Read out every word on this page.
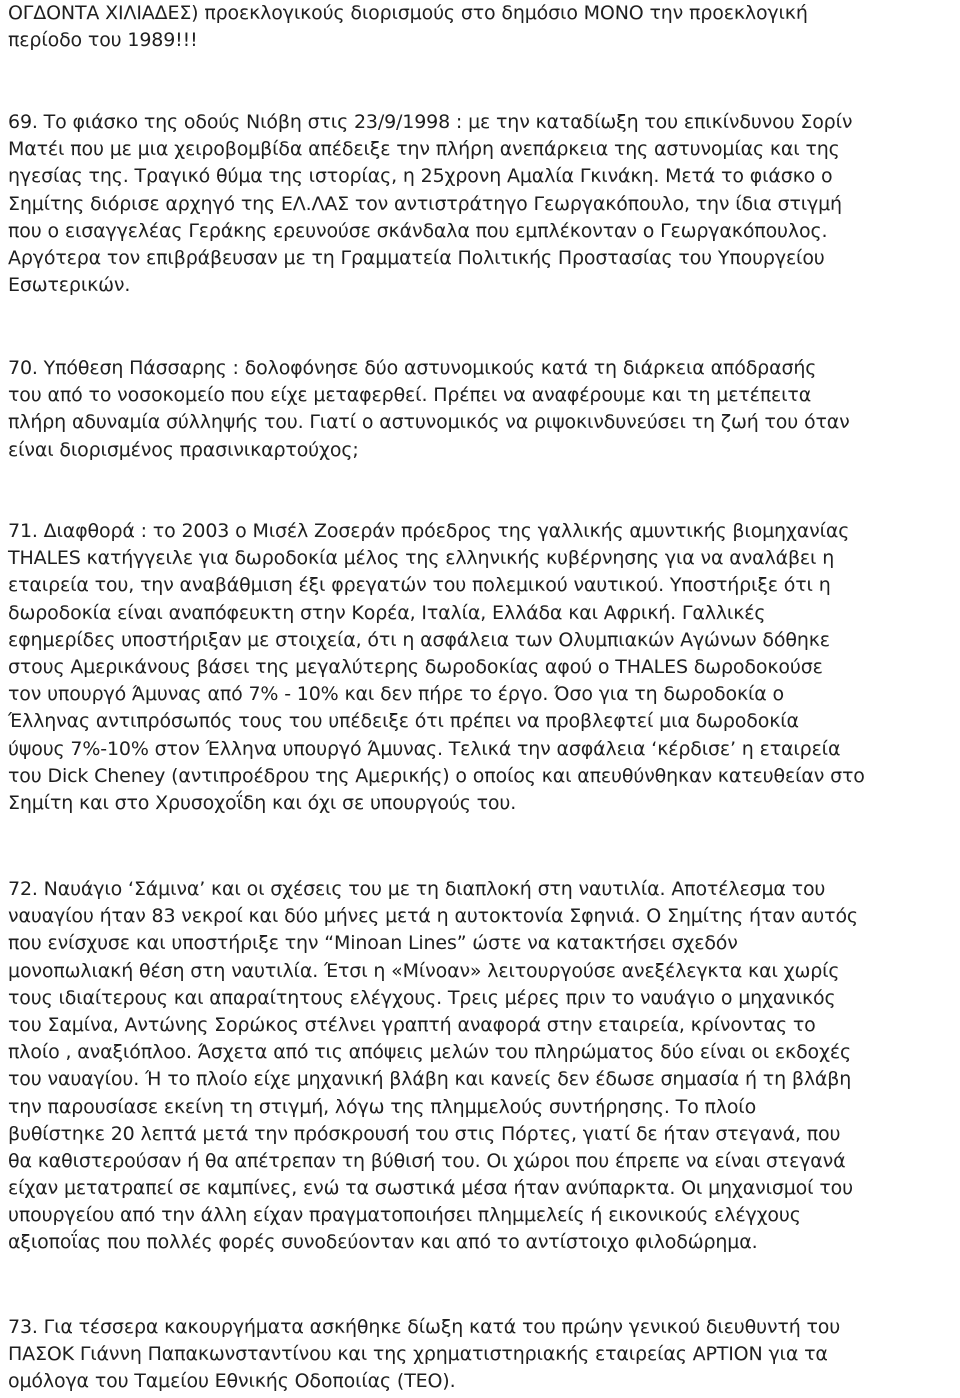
ΟΓΔΟΝΤΑ ΧΙΛΙΑΔΕΣ) προεκλογικούς διορισμούς στο δημόσιο ΜΟΝΟ την προεκλογική
περίοδο του 1989!!!
69. Το φιάσκο της οδούς Νιόβη στις 23/9/1998 : με την καταδίωξη του επικίνδυνου Σορίν
Ματέι που με μια χειροβομβίδα απέδειξε την πλήρη ανεπάρκεια της αστυνομίας και της
ηγεσίας της. Τραγικό θύμα της ιστορίας, η 25χρονη Αμαλία Γκινάκη. Μετά το φιάσκο ο
Σημίτης διόρισε αρχηγό της ΕΛ.ΛΑΣ τον αντιστράτηγο Γεωργακόπουλο, την ίδια στιγμή
που ο εισαγγελέας Γεράκης ερευνούσε σκάνδαλα που εμπλέκονταν ο Γεωργακόπουλος.
Αργότερα τον επιβράβευσαν με τη Γραμματεία Πολιτικής Προστασίας του Υπουργείου
Εσωτερικών.
70. Υπόθεση Πάσσαρης : δολοφόνησε δύο αστυνομικούς κατά τη διάρκεια απόδρασής
του από το νοσοκομείο που είχε μεταφερθεί. Πρέπει να αναφέρουμε και τη μετέπειτα
πλήρη αδυναμία σύλληψής του. Γιατί ο αστυνομικός να ριψοκινδυνεύσει τη ζωή του όταν
είναι διορισμένος πρασινικαρτούχος;
71. Διαφθορά : το 2003 ο Μισέλ Ζοσεράν πρόεδρος της γαλλικής αμυντικής βιομηχανίας
THALES κατήγγειλε για δωροδοκία μέλος της ελληνικής κυβέρνησης για να αναλάβει η
εταιρεία του, την αναβάθμιση έξι φρεγατών του πολεμικού ναυτικού. Υποστήριξε ότι η
δωροδοκία είναι αναπόφευκτη στην Κορέα, Ιταλία, Ελλάδα και Αφρική. Γαλλικές
εφημερίδες υποστήριξαν με στοιχεία, ότι η ασφάλεια των Ολυμπιακών Αγώνων δόθηκε
στους Αμερικάνους βάσει της μεγαλύτερης δωροδοκίας αφού ο THALES δωροδοκούσε
τον υπουργό Άμυνας από 7% - 10% και δεν πήρε το έργο. Όσο για τη δωροδοκία ο
Έλληνας αντιπρόσωπός τους του υπέδειξε ότι πρέπει να προβλεφτεί μια δωροδοκία
ύψους 7%-10% στον Έλληνα υπουργό Άμυνας. Τελικά την ασφάλεια ‘κέρδισε’ η εταιρεία
του Dick Cheney (αντιπροέδρου της Αμερικής) ο οποίος και απευθύνθηκαν κατευθείαν στο
Σημίτη και στο Χρυσοχοΐδη και όχι σε υπουργούς του.
72. Ναυάγιο ‘Σάμινα’ και οι σχέσεις του με τη διαπλοκή στη ναυτιλία. Αποτέλεσμα του
ναυαγίου ήταν 83 νεκροί και δύο μήνες μετά η αυτοκτονία Σφηνιά. Ο Σημίτης ήταν αυτός
που ενίσχυσε και υποστήριξε την “Minoan Lines” ώστε να κατακτήσει σχεδόν
μονοπωλιακή θέση στη ναυτιλία. Έτσι η «Μίνοαν» λειτουργούσε ανεξέλεγκτα και χωρίς
τους ιδιαίτερους και απαραίτητους ελέγχους. Τρεις μέρες πριν το ναυάγιο ο μηχανικός
του Σαμίνα, Αντώνης Σορώκος στέλνει γραπτή αναφορά στην εταιρεία, κρίνοντας το
πλοίο , αναξιόπλοο. Άσχετα από τις απόψεις μελών του πληρώματος δύο είναι οι εκδοχές
του ναυαγίου. Ή το πλοίο είχε μηχανική βλάβη και κανείς δεν έδωσε σημασία ή τη βλάβη
την παρουσίασε εκείνη τη στιγμή, λόγω της πλημμελούς συντήρησης. Το πλοίο
βυθίστηκε 20 λεπτά μετά την πρόσκρουσή του στις Πόρτες, γιατί δε ήταν στεγανά, που
θα καθιστερούσαν ή θα απέτρεπαν τη βύθισή του. Οι χώροι που έπρεπε να είναι στεγανά
είχαν μετατραπεί σε καμπίνες, ενώ τα σωστικά μέσα ήταν ανύπαρκτα. Οι μηχανισμοί του
υπουργείου από την άλλη είχαν πραγματοποιήσει πλημμελείς ή εικονικούς ελέγχους
αξιοποΐας που πολλές φορές συνοδεύονταν και από το αντίστοιχο φιλοδώρημα.
73. Για τέσσερα κακουργήματα ασκήθηκε δίωξη κατά του πρώην γενικού διευθυντή του
ΠΑΣΟΚ Γιάννη Παπακωνσταντίνου και της χρηματιστηριακής εταιρείας ΑΡΤΙΟΝ για τα
ομόλογα του Ταμείου Εθνικής Οδοποιίας (ΤΕΟ).
